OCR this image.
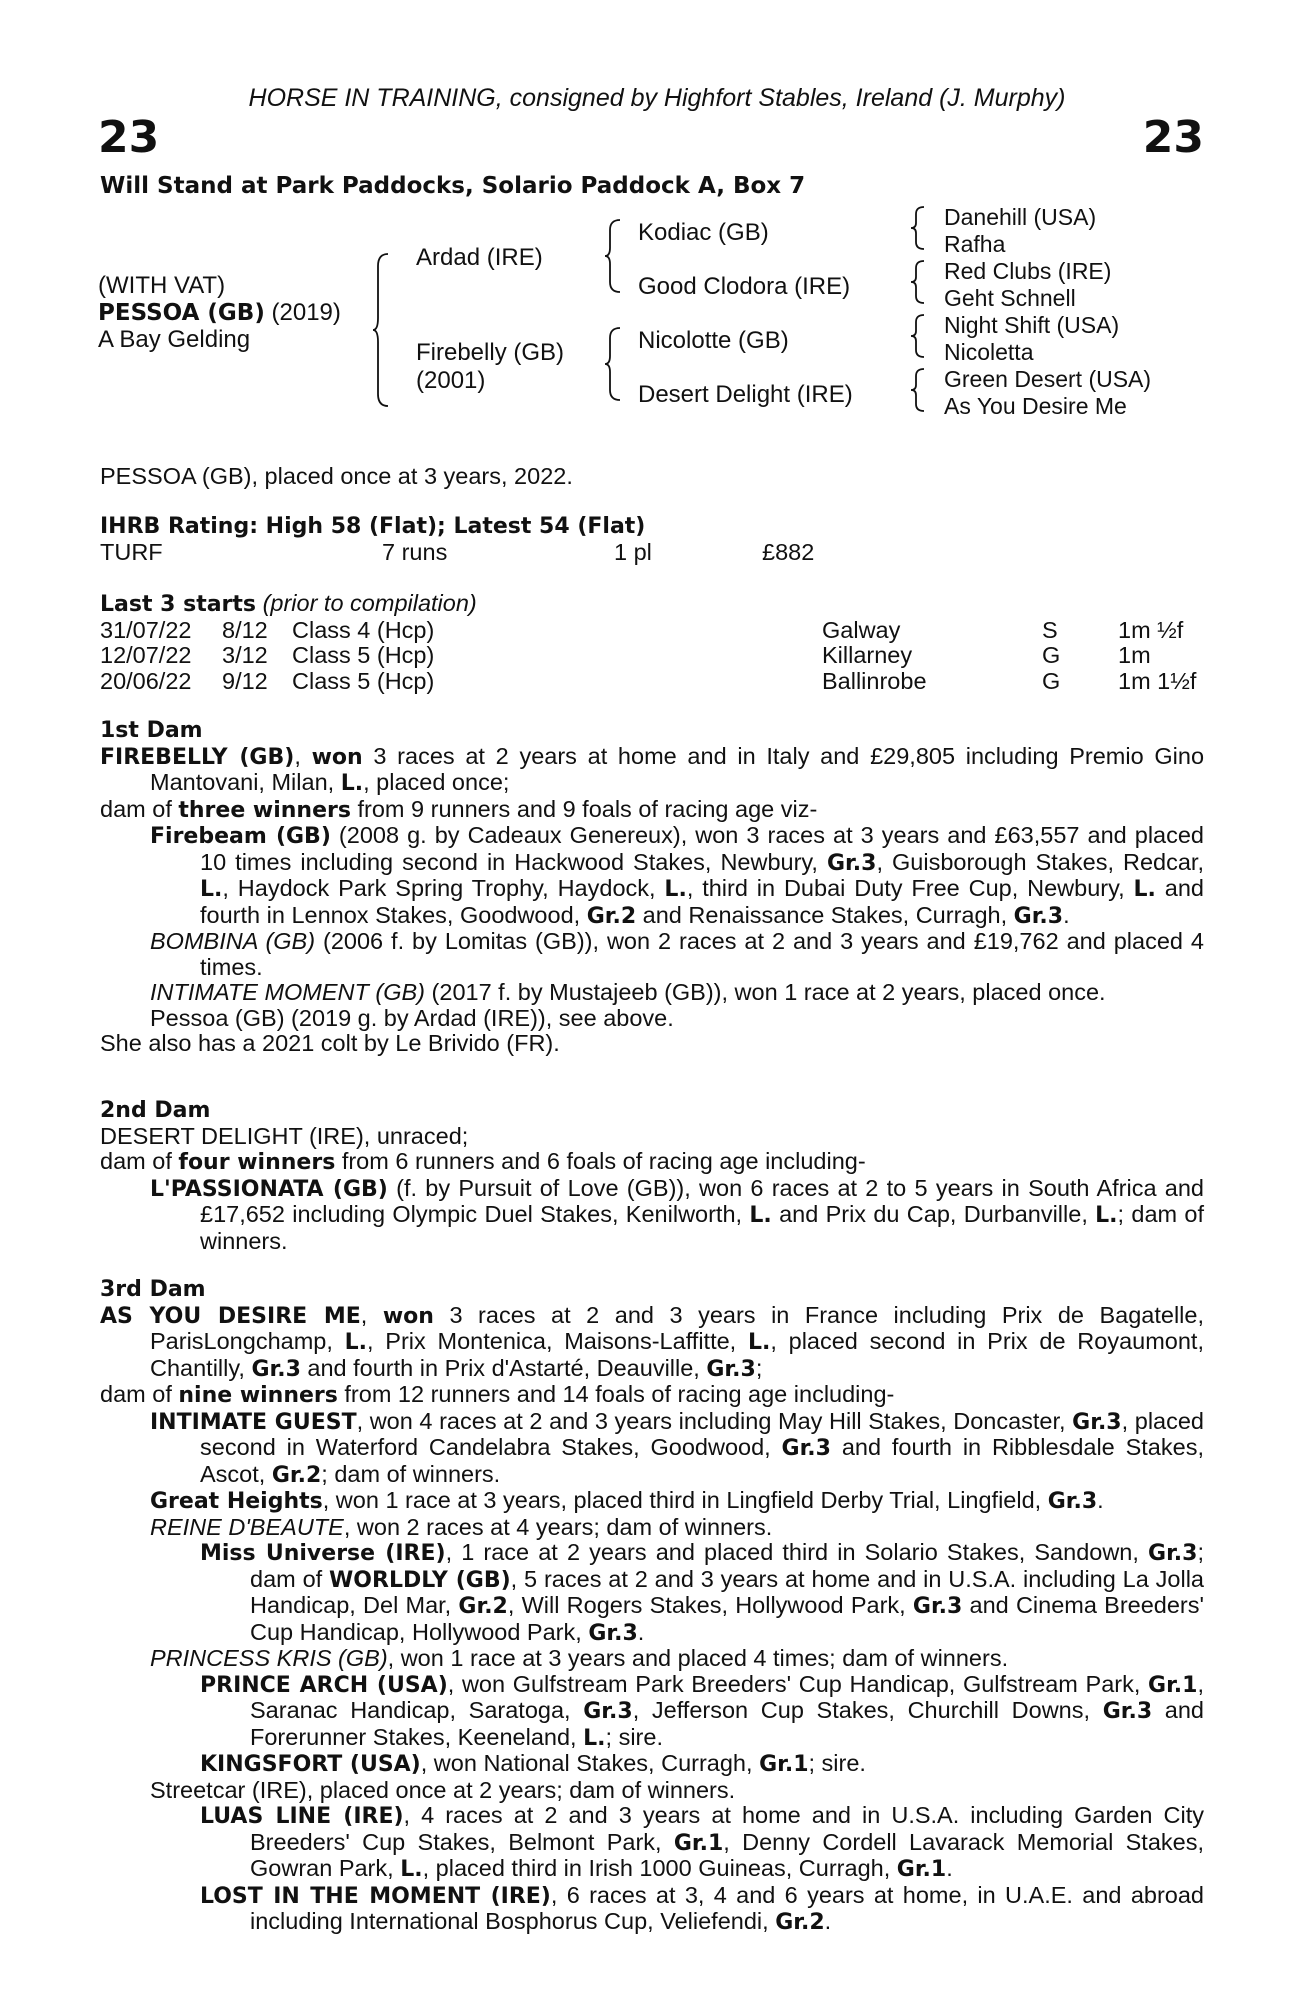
HORSE IN TRAINING, consigned by Highfort Stables, Ireland (J. Murphy)
23	23
Will Stand at Park Paddocks, Solario Paddock A, Box 7
(WITH VAT)
PESSOA (GB) (2019)
A Bay Gelding
Ardad (IRE)
Firebelly (GB)
(2001)
Kodiac (GB)
Good Clodora (IRE)
Nicolotte (GB)
Desert Delight (IRE)
Danehill (USA)
Rafha
Red Clubs (IRE)
Geht Schnell
Night Shift (USA)
Nicoletta
Green Desert (USA)
As You Desire Me
PESSOA (GB), placed once at 3 years, 2022.
IHRB Rating: High 58 (Flat); Latest 54 (Flat)
TURF	7 runs	1 pl	£882
Last 3 starts (prior to compilation)
31/07/22 8/12 Class 4 (Hcp)	Galway	S	1m ½f
12/07/22 3/12 Class 5 (Hcp)	Killarney	G 1m
20/06/22 9/12 Class 5 (Hcp)	Ballinrobe	G 1m 1½f
1st Dam

FIREBELLY (GB), won 3 races at 2 years at home and in Italy and £29,805 including Premio Gino Mantovani, Milan, L., placed once;

dam of three winners from 9 runners and 9 foals of racing age viz-

Firebeam (GB) (2008 g. by Cadeaux Genereux), won 3 races at 3 years and £63,557 and placed 10 times including second in Hackwood Stakes, Newbury, Gr.3, Guisborough Stakes, Redcar, L., Haydock Park Spring Trophy, Haydock, L., third in Dubai Duty Free Cup, Newbury, L. and fourth in Lennox Stakes, Goodwood, Gr.2 and Renaissance Stakes, Curragh, Gr.3.

BOMBINA (GB) (2006 f. by Lomitas (GB)), won 2 races at 2 and 3 years and £19,762 and placed 4 times.

INTIMATE MOMENT (GB) (2017 f. by Mustajeeb (GB)), won 1 race at 2 years, placed once.

Pessoa (GB) (2019 g. by Ardad (IRE)), see above.

She also has a 2021 colt by Le Brivido (FR).

2nd Dam

DESERT DELIGHT (IRE), unraced;

dam of four winners from 6 runners and 6 foals of racing age including-

L'PASSIONATA (GB) (f. by Pursuit of Love (GB)), won 6 races at 2 to 5 years in South Africa and £17,652 including Olympic Duel Stakes, Kenilworth, L. and Prix du Cap, Durbanville, L.; dam of winners.

3rd Dam

AS YOU DESIRE ME, won 3 races at 2 and 3 years in France including Prix de Bagatelle, ParisLongchamp, L., Prix Montenica, Maisons-Laffitte, L., placed second in Prix de Royaumont, Chantilly, Gr.3 and fourth in Prix d'Astarté, Deauville, Gr.3;

dam of nine winners from 12 runners and 14 foals of racing age including-

INTIMATE GUEST, won 4 races at 2 and 3 years including May Hill Stakes, Doncaster, Gr.3, placed second in Waterford Candelabra Stakes, Goodwood, Gr.3 and fourth in Ribblesdale Stakes, Ascot, Gr.2; dam of winners.

Great Heights, won 1 race at 3 years, placed third in Lingfield Derby Trial, Lingfield, Gr.3.

REINE D'BEAUTE, won 2 races at 4 years; dam of winners.

Miss Universe (IRE), 1 race at 2 years and placed third in Solario Stakes, Sandown, Gr.3; dam of WORLDLY (GB), 5 races at 2 and 3 years at home and in U.S.A. including La Jolla Handicap, Del Mar, Gr.2, Will Rogers Stakes, Hollywood Park, Gr.3 and Cinema Breeders' Cup Handicap, Hollywood Park, Gr.3.

PRINCESS KRIS (GB), won 1 race at 3 years and placed 4 times; dam of winners.

PRINCE ARCH (USA), won Gulfstream Park Breeders' Cup Handicap, Gulfstream Park, Gr.1, Saranac Handicap, Saratoga, Gr.3, Jefferson Cup Stakes, Churchill Downs, Gr.3 and Forerunner Stakes, Keeneland, L.; sire.

KINGSFORT (USA), won National Stakes, Curragh, Gr.1; sire.

Streetcar (IRE), placed once at 2 years; dam of winners.

LUAS LINE (IRE), 4 races at 2 and 3 years at home and in U.S.A. including Garden City Breeders' Cup Stakes, Belmont Park, Gr.1, Denny Cordell Lavarack Memorial Stakes, Gowran Park, L., placed third in Irish 1000 Guineas, Curragh, Gr.1.

LOST IN THE MOMENT (IRE), 6 races at 3, 4 and 6 years at home, in U.A.E. and abroad including International Bosphorus Cup, Veliefendi, Gr.2.
